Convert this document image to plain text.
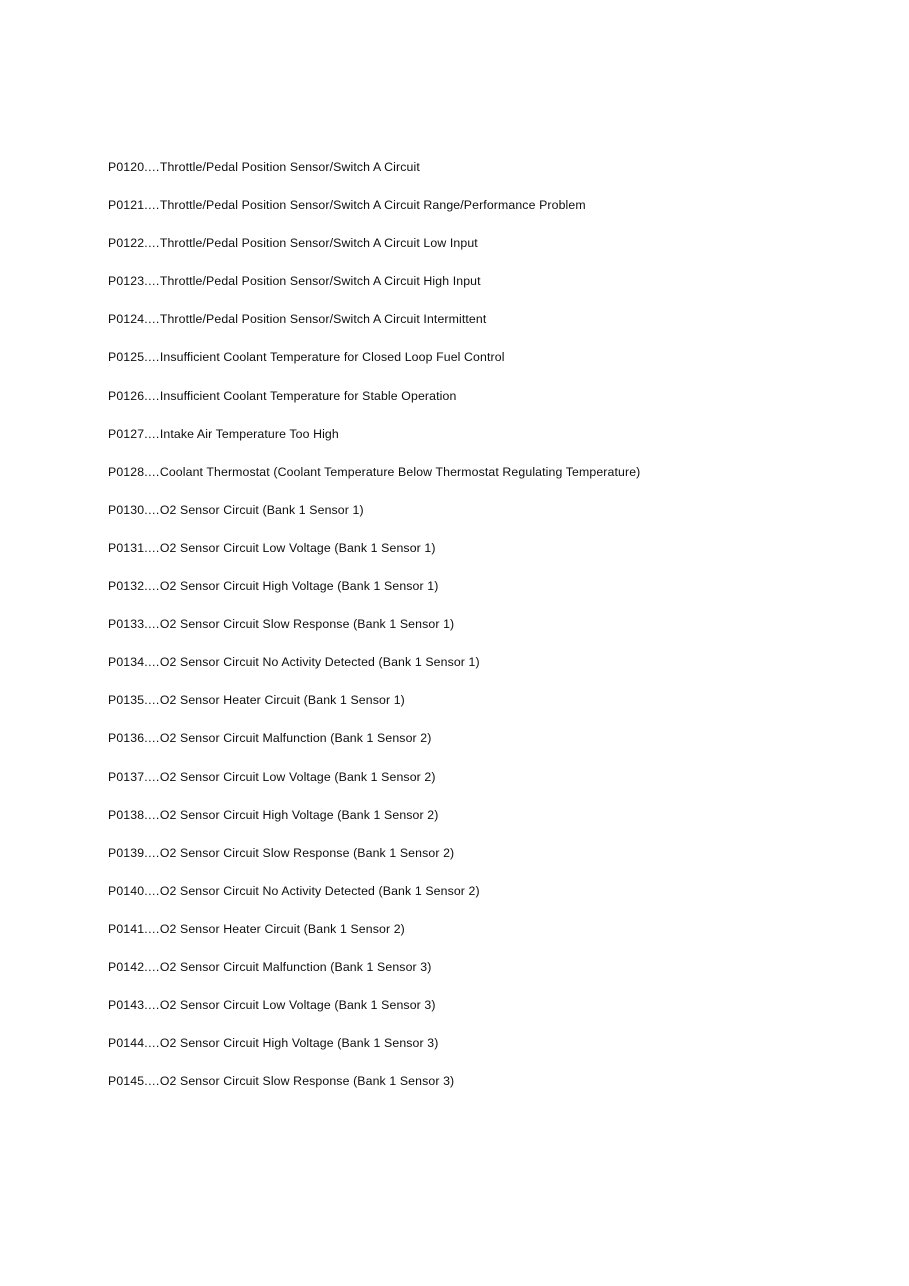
P0120....Throttle/Pedal Position Sensor/Switch A Circuit
P0121....Throttle/Pedal Position Sensor/Switch A Circuit Range/Performance Problem
P0122....Throttle/Pedal Position Sensor/Switch A Circuit Low Input
P0123....Throttle/Pedal Position Sensor/Switch A Circuit High Input
P0124....Throttle/Pedal Position Sensor/Switch A Circuit Intermittent
P0125....Insufficient Coolant Temperature for Closed Loop Fuel Control
P0126....Insufficient Coolant Temperature for Stable Operation
P0127....Intake Air Temperature Too High
P0128....Coolant Thermostat (Coolant Temperature Below Thermostat Regulating Temperature)
P0130....O2 Sensor Circuit (Bank 1 Sensor 1)
P0131....O2 Sensor Circuit Low Voltage (Bank 1 Sensor 1)
P0132....O2 Sensor Circuit High Voltage (Bank 1 Sensor 1)
P0133....O2 Sensor Circuit Slow Response (Bank 1 Sensor 1)
P0134....O2 Sensor Circuit No Activity Detected (Bank 1 Sensor 1)
P0135....O2 Sensor Heater Circuit (Bank 1 Sensor 1)
P0136....O2 Sensor Circuit Malfunction (Bank 1 Sensor 2)
P0137....O2 Sensor Circuit Low Voltage (Bank 1 Sensor 2)
P0138....O2 Sensor Circuit High Voltage (Bank 1 Sensor 2)
P0139....O2 Sensor Circuit Slow Response (Bank 1 Sensor 2)
P0140....O2 Sensor Circuit No Activity Detected (Bank 1 Sensor 2)
P0141....O2 Sensor Heater Circuit (Bank 1 Sensor 2)
P0142....O2 Sensor Circuit Malfunction (Bank 1 Sensor 3)
P0143....O2 Sensor Circuit Low Voltage (Bank 1 Sensor 3)
P0144....O2 Sensor Circuit High Voltage (Bank 1 Sensor 3)
P0145....O2 Sensor Circuit Slow Response (Bank 1 Sensor 3)
